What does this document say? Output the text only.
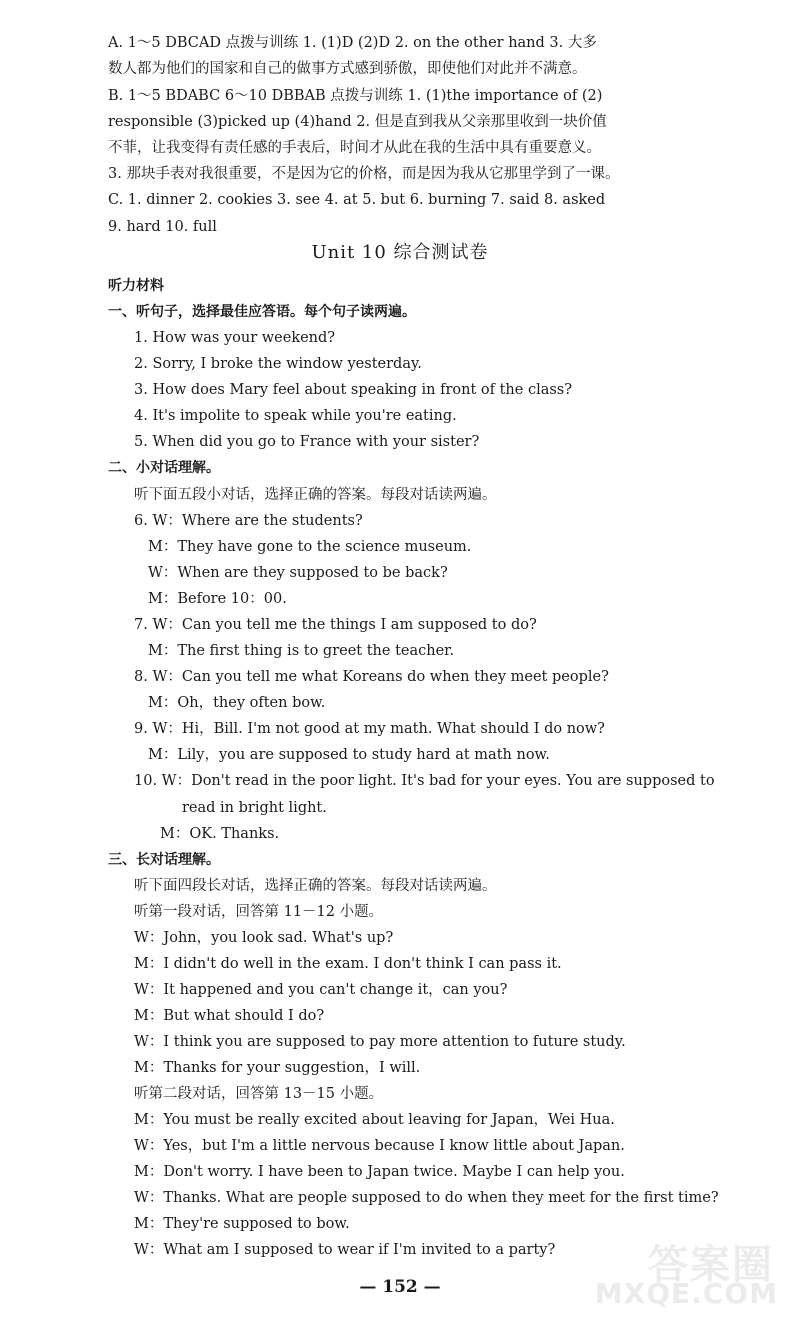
A. 1～5 DBCAD 点拨与训练 1. (1)D (2)D 2. on the other hand 3. 大多
数人都为他们的国家和自己的做事方式感到骄傲，即使他们对此并不满意。
B. 1～5 BDABC 6～10 DBBAB 点拨与训练 1. (1)the importance of (2)
responsible (3)picked up (4)hand 2. 但是直到我从父亲那里收到一块价值
不菲，让我变得有责任感的手表后，时间才从此在我的生活中具有重要意义。
3. 那块手表对我很重要，不是因为它的价格，而是因为我从它那里学到了一课。
C. 1. dinner 2. cookies 3. see 4. at 5. but 6. burning 7. said 8. asked
9. hard 10. full
Unit 10 综合测试卷
听力材料
一、听句子，选择最佳应答语。每个句子读两遍。
1. How was your weekend?
2. Sorry, I broke the window yesterday.
3. How does Mary feel about speaking in front of the class?
4. It's impolite to speak while you're eating.
5. When did you go to France with your sister?
二、小对话理解。
听下面五段小对话，选择正确的答案。每段对话读两遍。
6. W：Where are the students?
M：They have gone to the science museum.
W：When are they supposed to be back?
M：Before 10：00.
7. W：Can you tell me the things I am supposed to do?
M：The first thing is to greet the teacher.
8. W：Can you tell me what Koreans do when they meet people?
M：Oh，they often bow.
9. W：Hi，Bill. I'm not good at my math. What should I do now?
M：Lily，you are supposed to study hard at math now.
10. W：Don't read in the poor light. It's bad for your eyes. You are supposed to
read in bright light.
M：OK. Thanks.
三、长对话理解。
听下面四段长对话，选择正确的答案。每段对话读两遍。
听第一段对话，回答第 11－12 小题。
W：John，you look sad. What's up?
M：I didn't do well in the exam. I don't think I can pass it.
W：It happened and you can't change it，can you?
M：But what should I do?
W：I think you are supposed to pay more attention to future study.
M：Thanks for your suggestion，I will.
听第二段对话，回答第 13－15 小题。
M：You must be really excited about leaving for Japan，Wei Hua.
W：Yes，but I'm a little nervous because I know little about Japan.
M：Don't worry. I have been to Japan twice. Maybe I can help you.
W：Thanks. What are people supposed to do when they meet for the first time?
M：They're supposed to bow.
W：What am I supposed to wear if I'm invited to a party?
— 152 —	答案圈
MXQE.COM
